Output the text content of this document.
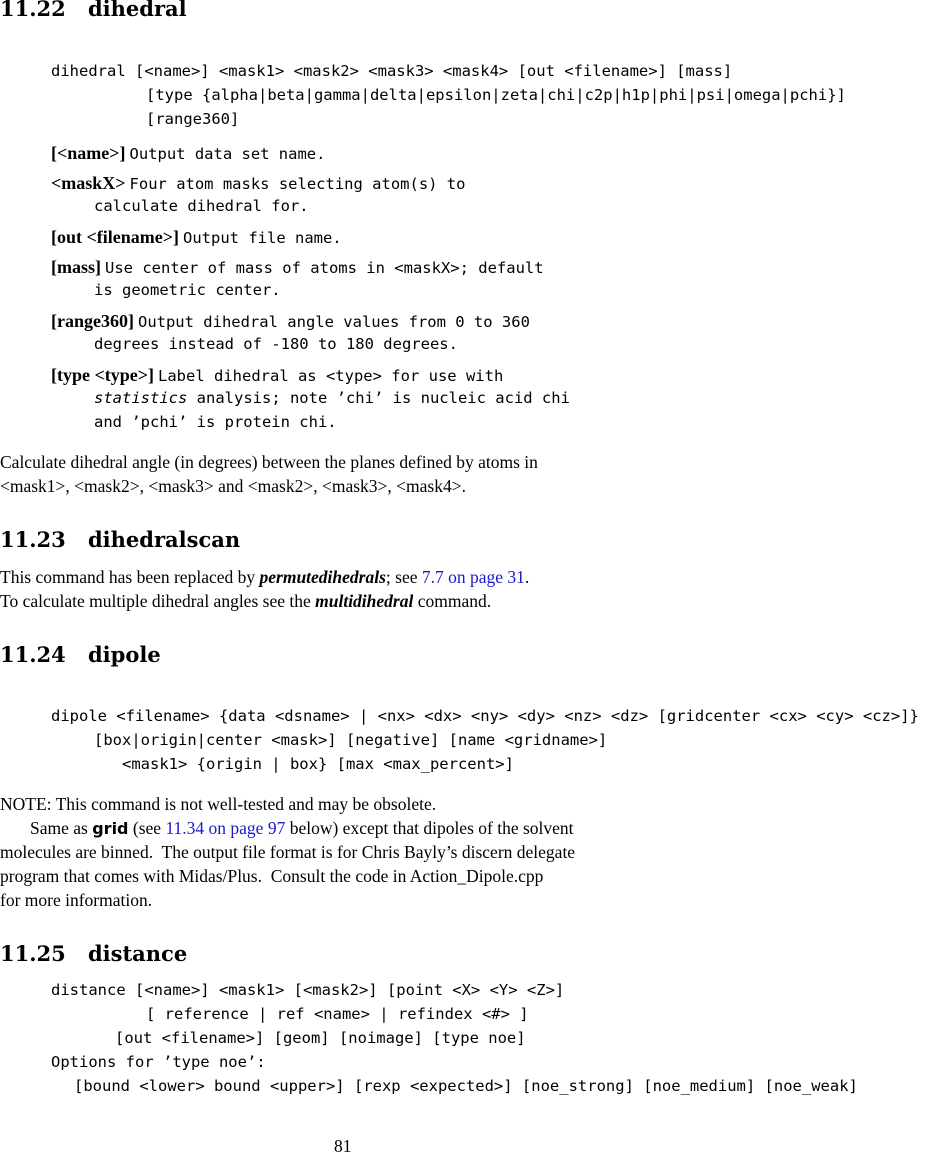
11.22 dihedral
dihedral [<name>] <mask1> <mask2> <mask3> <mask4> [out <filename>] [mass]
[type {alpha|beta|gamma|delta|epsilon|zeta|chi|c2p|h1p|phi|psi|omega|pchi}]
[range360]
[<name>] Output data set name.
<maskX> Four atom masks selecting atom(s) to
calculate dihedral for.
[out <filename>] Output file name.
[mass] Use center of mass of atoms in <maskX>; default
is geometric center.
[range360] Output dihedral angle values from 0 to 360
degrees instead of -180 to 180 degrees.
[type <type>] Label dihedral as <type> for use with
statistics analysis; note ’chi’ is nucleic acid chi
and ’pchi’ is protein chi.
Calculate dihedral angle (in degrees) between the planes defined by atoms in
<mask1>, <mask2>, <mask3> and <mask2>, <mask3>, <mask4>.
11.23 dihedralscan
This command has been replaced by permutedihedrals; see 7.7 on page 31.
To calculate multiple dihedral angles see the multidihedral command.
11.24 dipole
dipole <filename> {data <dsname> | <nx> <dx> <ny> <dy> <nz> <dz> [gridcenter <cx> <cy> <cz>]}
[box|origin|center <mask>] [negative] [name <gridname>]
<mask1> {origin | box} [max <max_percent>]
NOTE: This command is not well-tested and may be obsolete.
Same as grid (see 11.34 on page 97 below) except that dipoles of the solvent
molecules are binned.  The output file format is for Chris Bayly’s discern delegate
program that comes with Midas/Plus.  Consult the code in Action_Dipole.cpp
for more information.
11.25 distance
distance [<name>] <mask1> [<mask2>] [point <X> <Y> <Z>]
[ reference | ref <name> | refindex <#> ]
[out <filename>] [geom] [noimage] [type noe]
Options for ’type noe’:
[bound <lower> bound <upper>] [rexp <expected>] [noe_strong] [noe_medium] [noe_weak]
81
